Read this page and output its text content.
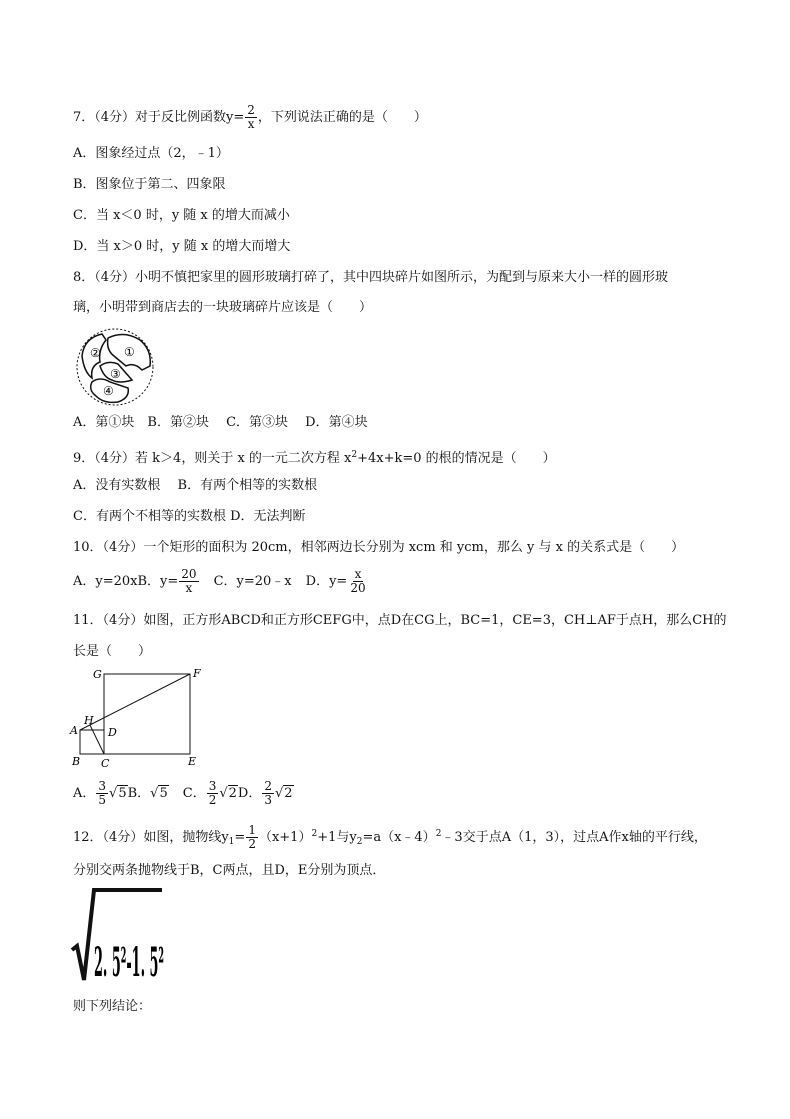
7．（4分）对于反比例函数$y= \frac{2}{x}$ ，下列说法正确的是（　　）
A．图象经过点（2，﹣1）
B．图象位于第二、四象限
C．当 x＜0 时，y 随 x 的增大而减小
D．当 x＞0 时，y 随 x 的增大而增大
8．（4分）小明不慎把家里的圆形玻璃打碎了，其中四块碎片如图所示，为配到与原来大小一样的圆形玻
璃，小明带到商店去的一块玻璃碎片应该是（　　）
② ①
③
④
A．第①块　B．第②块　 C．第③块　 D．第④块
9．（4分）若 k＞4，则关于 x 的一元二次方程 $x^2+4x+k=0$ 的根的情况是（　　）
A．没有实数根　 B．有两个相等的实数根
C．有两个不相等的实数根 D．无法判断
10．（4分）一个矩形的面积为 20cm，相邻两边长分别为 xcm 和 ycm，那么 y 与 x 的关系式是（　　）
A．y=20xB．$y= \frac{20}{x}$ C．y=20﹣x D．$y= \frac{x}{20}$
11．（4分）如图，正方形ABCD和正方形CEFG中，点D在CG上，BC=1，CE=3，CH⊥AF于点H，那么CH的
长是（　　）
G	F
H
A	D
B C	E
A． $\frac{3}{5} √5B$．√5 C． $\frac{3}{2} √2D$． $\frac{2}{3} √2$
12．（4分）如图，抛物线$y_1= \frac{1}{2} (x+1)^2+1$与$y_2=a(x﹣4)^2﹣3$交于点A（1，3），过点A作x轴的平行线，
分别交两条抛物线于B，C两点，且D，E分别为顶点．
2. 5²-1. 5²
则下列结论：
